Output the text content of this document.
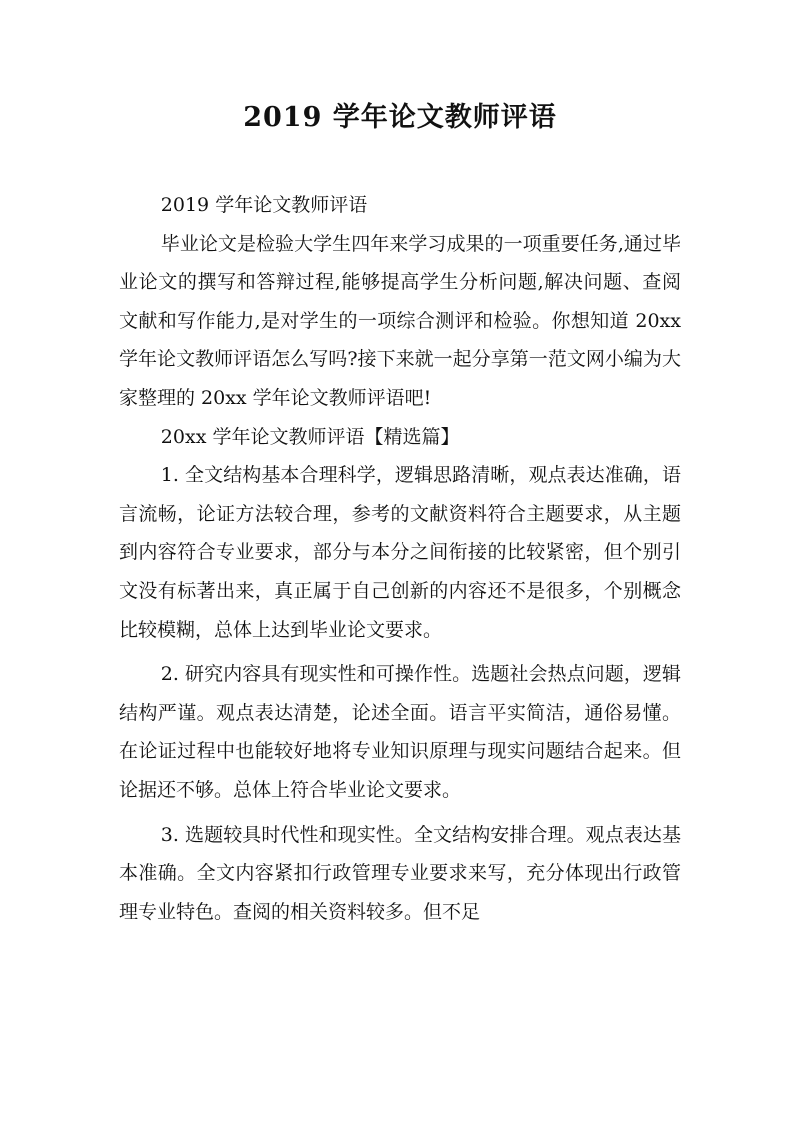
2019 学年论文教师评语

2019 学年论文教师评语

毕业论文是检验大学生四年来学习成果的一项重要任务,通过毕业论文的撰写和答辩过程,能够提高学生分析问题,解决问题、查阅文献和写作能力,是对学生的一项综合测评和检验。你想知道 20xx 学年论文教师评语怎么写吗?接下来就一起分享第一范文网小编为大家整理的 20xx 学年论文教师评语吧!

20xx 学年论文教师评语【精选篇】

1. 全文结构基本合理科学，逻辑思路清晰，观点表达准确，语言流畅，论证方法较合理，参考的文献资料符合主题要求，从主题到内容符合专业要求，部分与本分之间衔接的比较紧密，但个别引文没有标著出来，真正属于自己创新的内容还不是很多，个别概念比较模糊，总体上达到毕业论文要求。

2. 研究内容具有现实性和可操作性。选题社会热点问题，逻辑结构严谨。观点表达清楚，论述全面。语言平实简洁，通俗易懂。在论证过程中也能较好地将专业知识原理与现实问题结合起来。但论据还不够。总体上符合毕业论文要求。

3. 选题较具时代性和现实性。全文结构安排合理。观点表达基本准确。全文内容紧扣行政管理专业要求来写，充分体现出行政管理专业特色。查阅的相关资料较多。但不足
